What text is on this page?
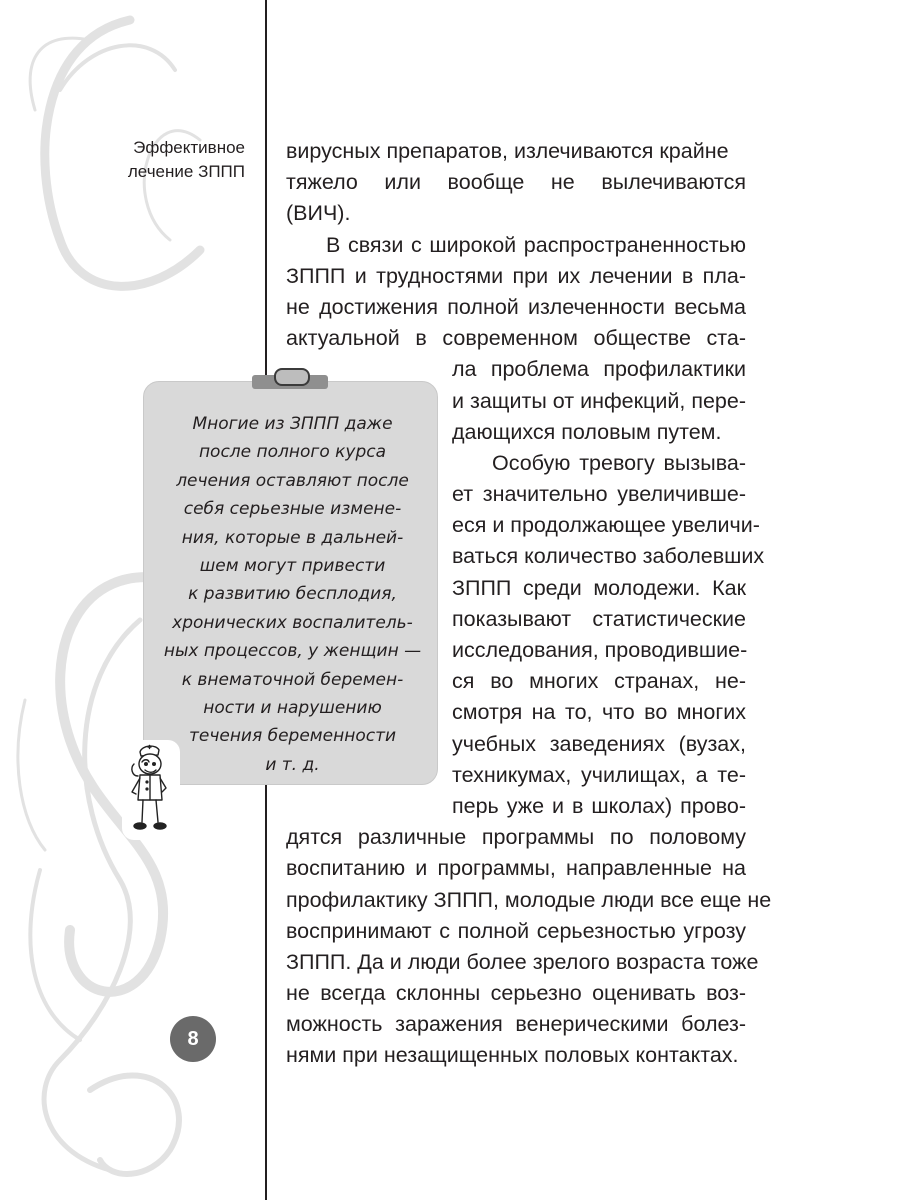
Эффективное
лечение ЗППП
вирусных препаратов, излечиваются крайне
тяжело или вообще не вылечиваются
(ВИЧ).
В связи с широкой распространенностью
ЗППП и трудностями при их лечении в пла-
не достижения полной излеченности весьма
актуальной в современном обществе ста-
ла проблема профилактики
и защиты от инфекций, пере-
дающихся половым путем.
Особую тревогу вызыва-
ет значительно увеличивше-
еся и продолжающее увеличи-
ваться количество заболевших
ЗППП среди молодежи. Как
показывают статистические
исследования, проводившие-
ся во многих странах, не-
смотря на то, что во многих
учебных заведениях (вузах,
техникумах, училищах, а те-
перь уже и в школах) прово-
дятся различные программы по половому
воспитанию и программы, направленные на
профилактику ЗППП, молодые люди все еще не
воспринимают с полной серьезностью угрозу
ЗППП. Да и люди более зрелого возраста тоже
не всегда склонны серьезно оценивать воз-
можность заражения венерическими болез-
нями при незащищенных половых контактах.
Многие из ЗППП даже
после полного курса
лечения оставляют после
себя серьезные измене-
ния, которые в дальней-
шем могут привести
к развитию бесплодия,
хронических воспалитель-
ных процессов, у женщин —
к внематочной беремен-
ности и нарушению
течения беременности
и т. д.
8
